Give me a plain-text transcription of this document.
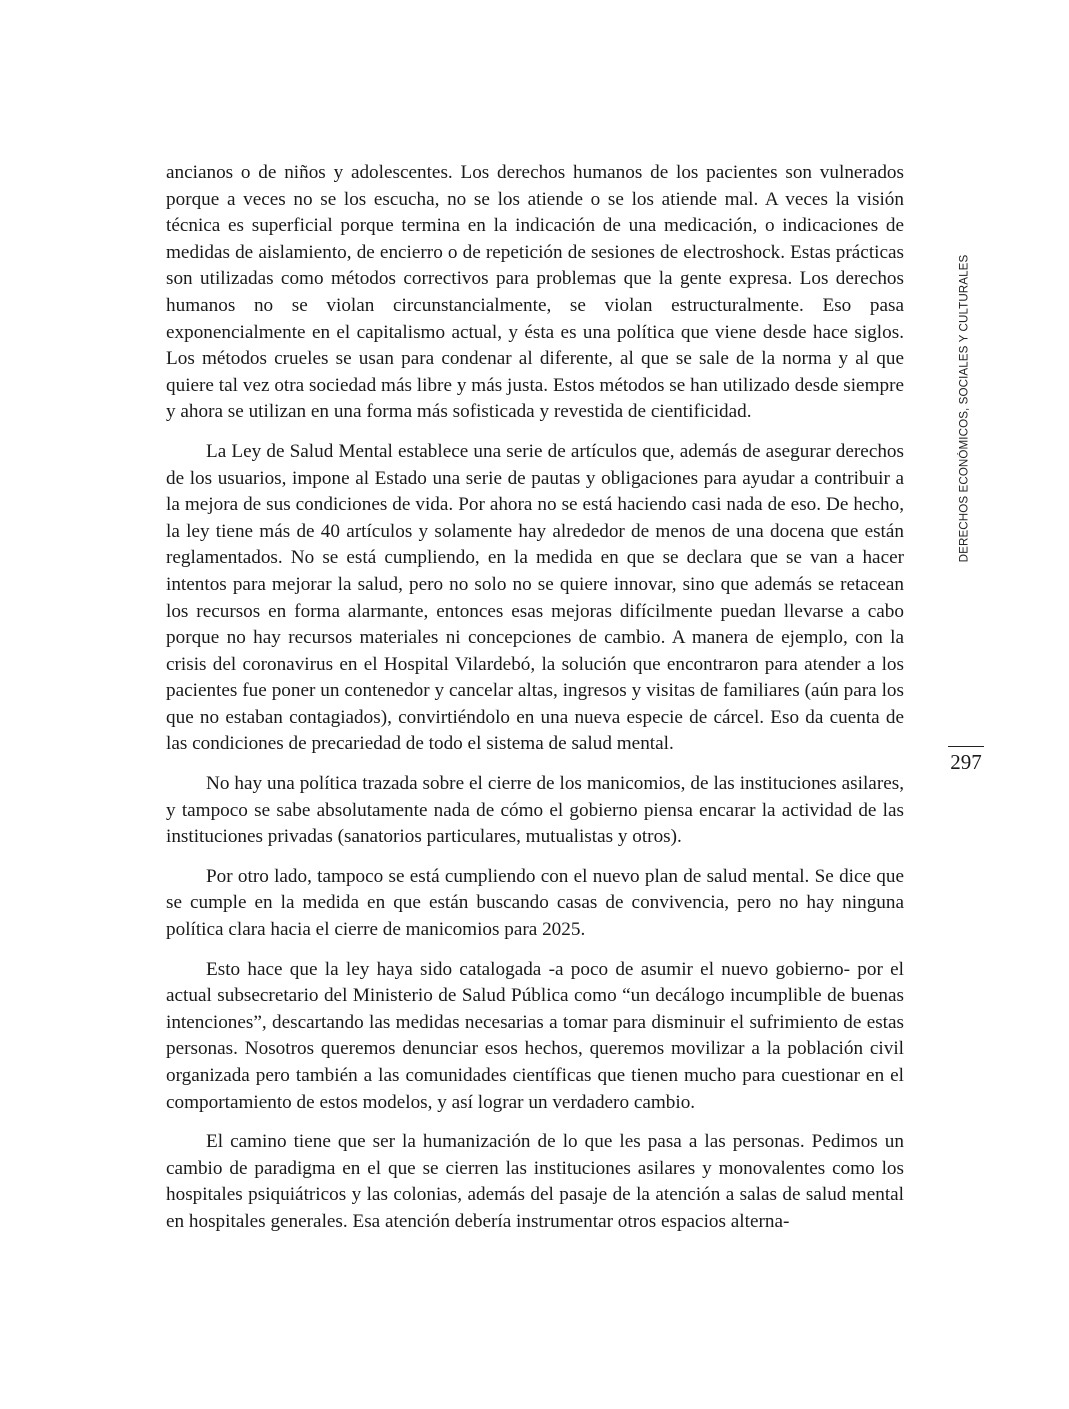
ancianos o de niños y adolescentes. Los derechos humanos de los pacientes son vulnerados porque a veces no se los escucha, no se los atiende o se los atiende mal. A veces la visión técnica es superficial porque termina en la indicación de una medicación, o indicaciones de medidas de aislamiento, de encierro o de repetición de sesiones de electroshock. Estas prácticas son utilizadas como métodos correctivos para problemas que la gente expresa. Los derechos humanos no se violan circunstancialmente, se violan estructuralmente. Eso pasa exponencialmente en el capitalismo actual, y ésta es una política que viene desde hace siglos. Los métodos crueles se usan para condenar al diferente, al que se sale de la norma y al que quiere tal vez otra sociedad más libre y más justa. Estos métodos se han utilizado desde siempre y ahora se utilizan en una forma más sofisticada y revestida de cientificidad.

La Ley de Salud Mental establece una serie de artículos que, además de asegurar derechos de los usuarios, impone al Estado una serie de pautas y obligaciones para ayudar a contribuir a la mejora de sus condiciones de vida. Por ahora no se está haciendo casi nada de eso. De hecho, la ley tiene más de 40 artículos y solamente hay alrededor de menos de una docena que están reglamentados. No se está cumpliendo, en la medida en que se declara que se van a hacer intentos para mejorar la salud, pero no solo no se quiere innovar, sino que además se retacean los recursos en forma alarmante, entonces esas mejoras difícilmente puedan llevarse a cabo porque no hay recursos materiales ni concepciones de cambio. A manera de ejemplo, con la crisis del coronavirus en el Hospital Vilardebó, la solución que encontraron para atender a los pacientes fue poner un contenedor y cancelar altas, ingresos y visitas de familiares (aún para los que no estaban contagiados), convirtiéndolo en una nueva especie de cárcel. Eso da cuenta de las condiciones de precariedad de todo el sistema de salud mental.

No hay una política trazada sobre el cierre de los manicomios, de las instituciones asilares, y tampoco se sabe absolutamente nada de cómo el gobierno piensa encarar la actividad de las instituciones privadas (sanatorios particulares, mutualistas y otros).

Por otro lado, tampoco se está cumpliendo con el nuevo plan de salud mental. Se dice que se cumple en la medida en que están buscando casas de convivencia, pero no hay ninguna política clara hacia el cierre de manicomios para 2025.

Esto hace que la ley haya sido catalogada -a poco de asumir el nuevo gobierno- por el actual subsecretario del Ministerio de Salud Pública como “un decálogo incumplible de buenas intenciones”, descartando las medidas necesarias a tomar para disminuir el sufrimiento de estas personas. Nosotros queremos denunciar esos hechos, queremos movilizar a la población civil organizada pero también a las comunidades científicas que tienen mucho para cuestionar en el comportamiento de estos modelos, y así lograr un verdadero cambio.

El camino tiene que ser la humanización de lo que les pasa a las personas. Pedimos un cambio de paradigma en el que se cierren las instituciones asilares y monovalentes como los hospitales psiquiátricos y las colonias, además del pasaje de la atención a salas de salud mental en hospitales generales. Esa atención debería instrumentar otros espacios alterna-

DERECHOS ECONÓMICOS, SOCIALES Y CULTURALES
297
